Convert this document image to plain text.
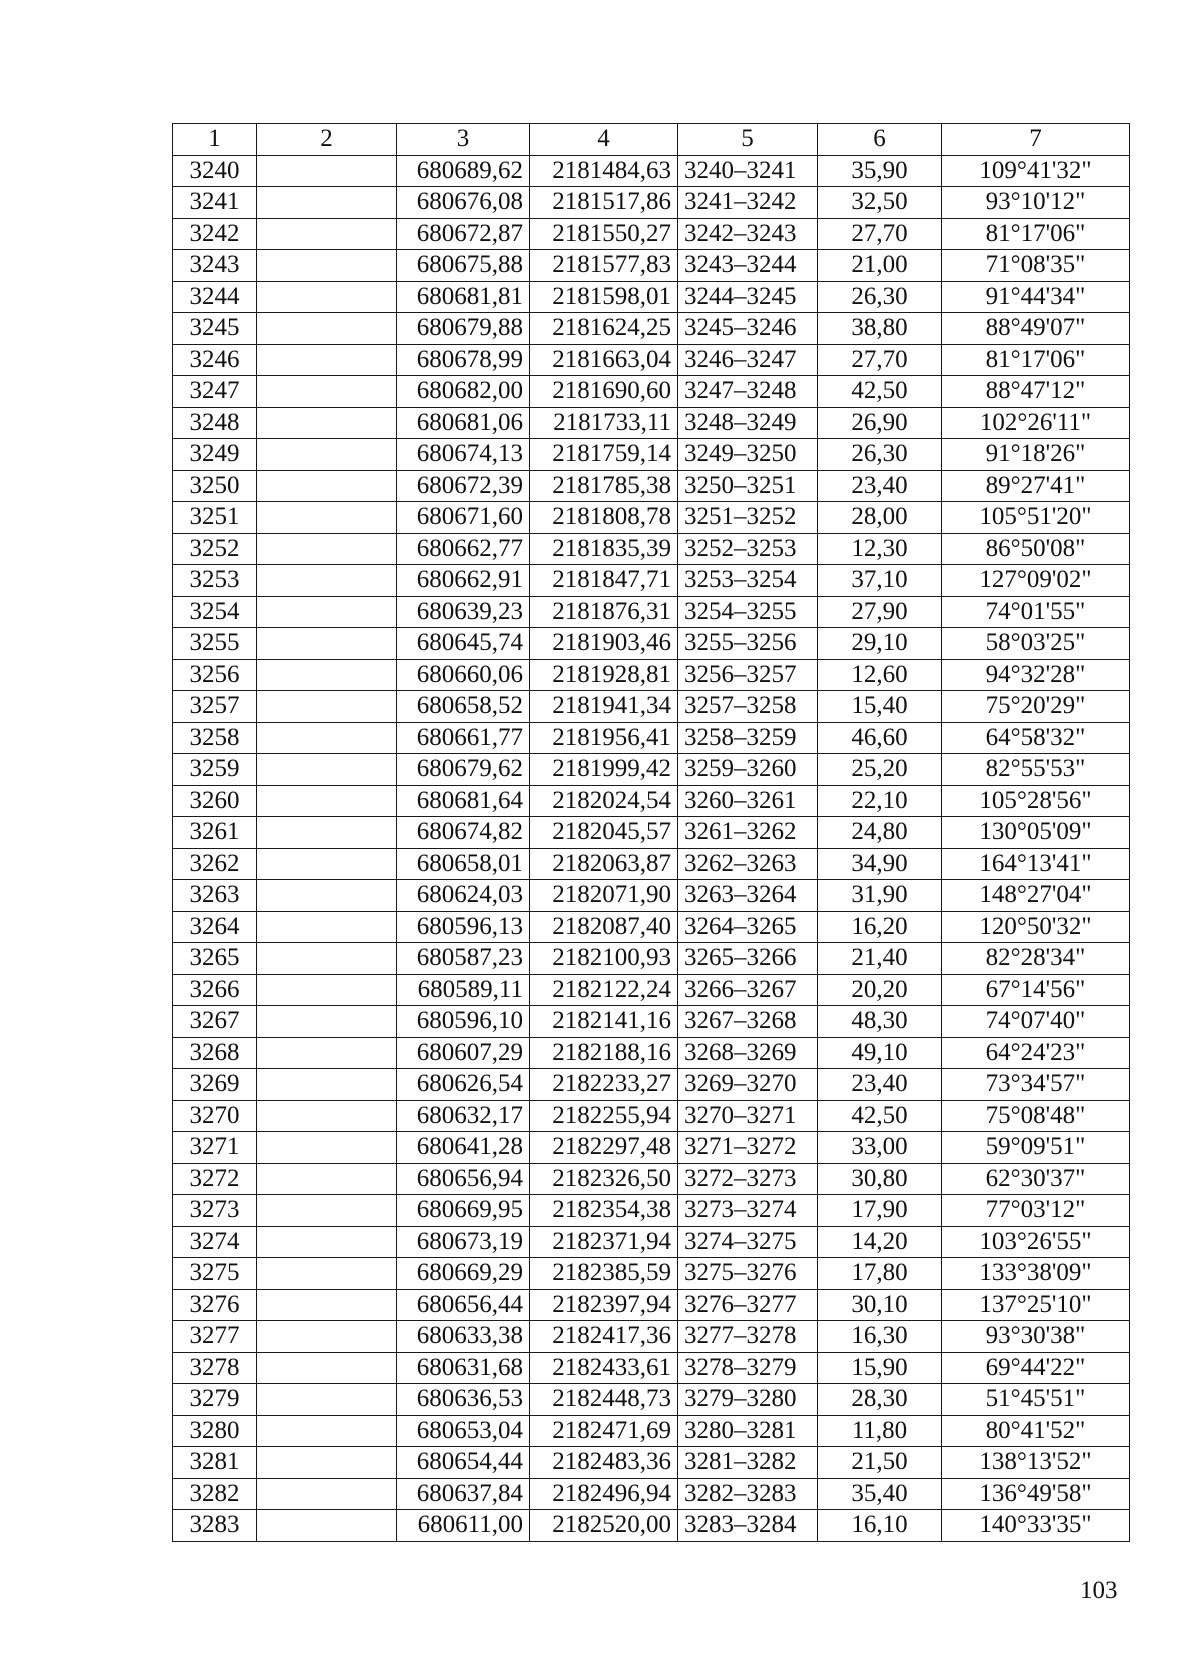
1	2	3	4	5	6	7
3240		680689,62	2181484,63	3240–3241	35,90	109°41'32"
3241		680676,08	2181517,86	3241–3242	32,50	93°10'12"
3242		680672,87	2181550,27	3242–3243	27,70	81°17'06"
3243		680675,88	2181577,83	3243–3244	21,00	71°08'35"
3244		680681,81	2181598,01	3244–3245	26,30	91°44'34"
3245		680679,88	2181624,25	3245–3246	38,80	88°49'07"
3246		680678,99	2181663,04	3246–3247	27,70	81°17'06"
3247		680682,00	2181690,60	3247–3248	42,50	88°47'12"
3248		680681,06	2181733,11	3248–3249	26,90	102°26'11"
3249		680674,13	2181759,14	3249–3250	26,30	91°18'26"
3250		680672,39	2181785,38	3250–3251	23,40	89°27'41"
3251		680671,60	2181808,78	3251–3252	28,00	105°51'20"
3252		680662,77	2181835,39	3252–3253	12,30	86°50'08"
3253		680662,91	2181847,71	3253–3254	37,10	127°09'02"
3254		680639,23	2181876,31	3254–3255	27,90	74°01'55"
3255		680645,74	2181903,46	3255–3256	29,10	58°03'25"
3256		680660,06	2181928,81	3256–3257	12,60	94°32'28"
3257		680658,52	2181941,34	3257–3258	15,40	75°20'29"
3258		680661,77	2181956,41	3258–3259	46,60	64°58'32"
3259		680679,62	2181999,42	3259–3260	25,20	82°55'53"
3260		680681,64	2182024,54	3260–3261	22,10	105°28'56"
3261		680674,82	2182045,57	3261–3262	24,80	130°05'09"
3262		680658,01	2182063,87	3262–3263	34,90	164°13'41"
3263		680624,03	2182071,90	3263–3264	31,90	148°27'04"
3264		680596,13	2182087,40	3264–3265	16,20	120°50'32"
3265		680587,23	2182100,93	3265–3266	21,40	82°28'34"
3266		680589,11	2182122,24	3266–3267	20,20	67°14'56"
3267		680596,10	2182141,16	3267–3268	48,30	74°07'40"
3268		680607,29	2182188,16	3268–3269	49,10	64°24'23"
3269		680626,54	2182233,27	3269–3270	23,40	73°34'57"
3270		680632,17	2182255,94	3270–3271	42,50	75°08'48"
3271		680641,28	2182297,48	3271–3272	33,00	59°09'51"
3272		680656,94	2182326,50	3272–3273	30,80	62°30'37"
3273		680669,95	2182354,38	3273–3274	17,90	77°03'12"
3274		680673,19	2182371,94	3274–3275	14,20	103°26'55"
3275		680669,29	2182385,59	3275–3276	17,80	133°38'09"
3276		680656,44	2182397,94	3276–3277	30,10	137°25'10"
3277		680633,38	2182417,36	3277–3278	16,30	93°30'38"
3278		680631,68	2182433,61	3278–3279	15,90	69°44'22"
3279		680636,53	2182448,73	3279–3280	28,30	51°45'51"
3280		680653,04	2182471,69	3280–3281	11,80	80°41'52"
3281		680654,44	2182483,36	3281–3282	21,50	138°13'52"
3282		680637,84	2182496,94	3282–3283	35,40	136°49'58"
3283		680611,00	2182520,00	3283–3284	16,10	140°33'35"
103
